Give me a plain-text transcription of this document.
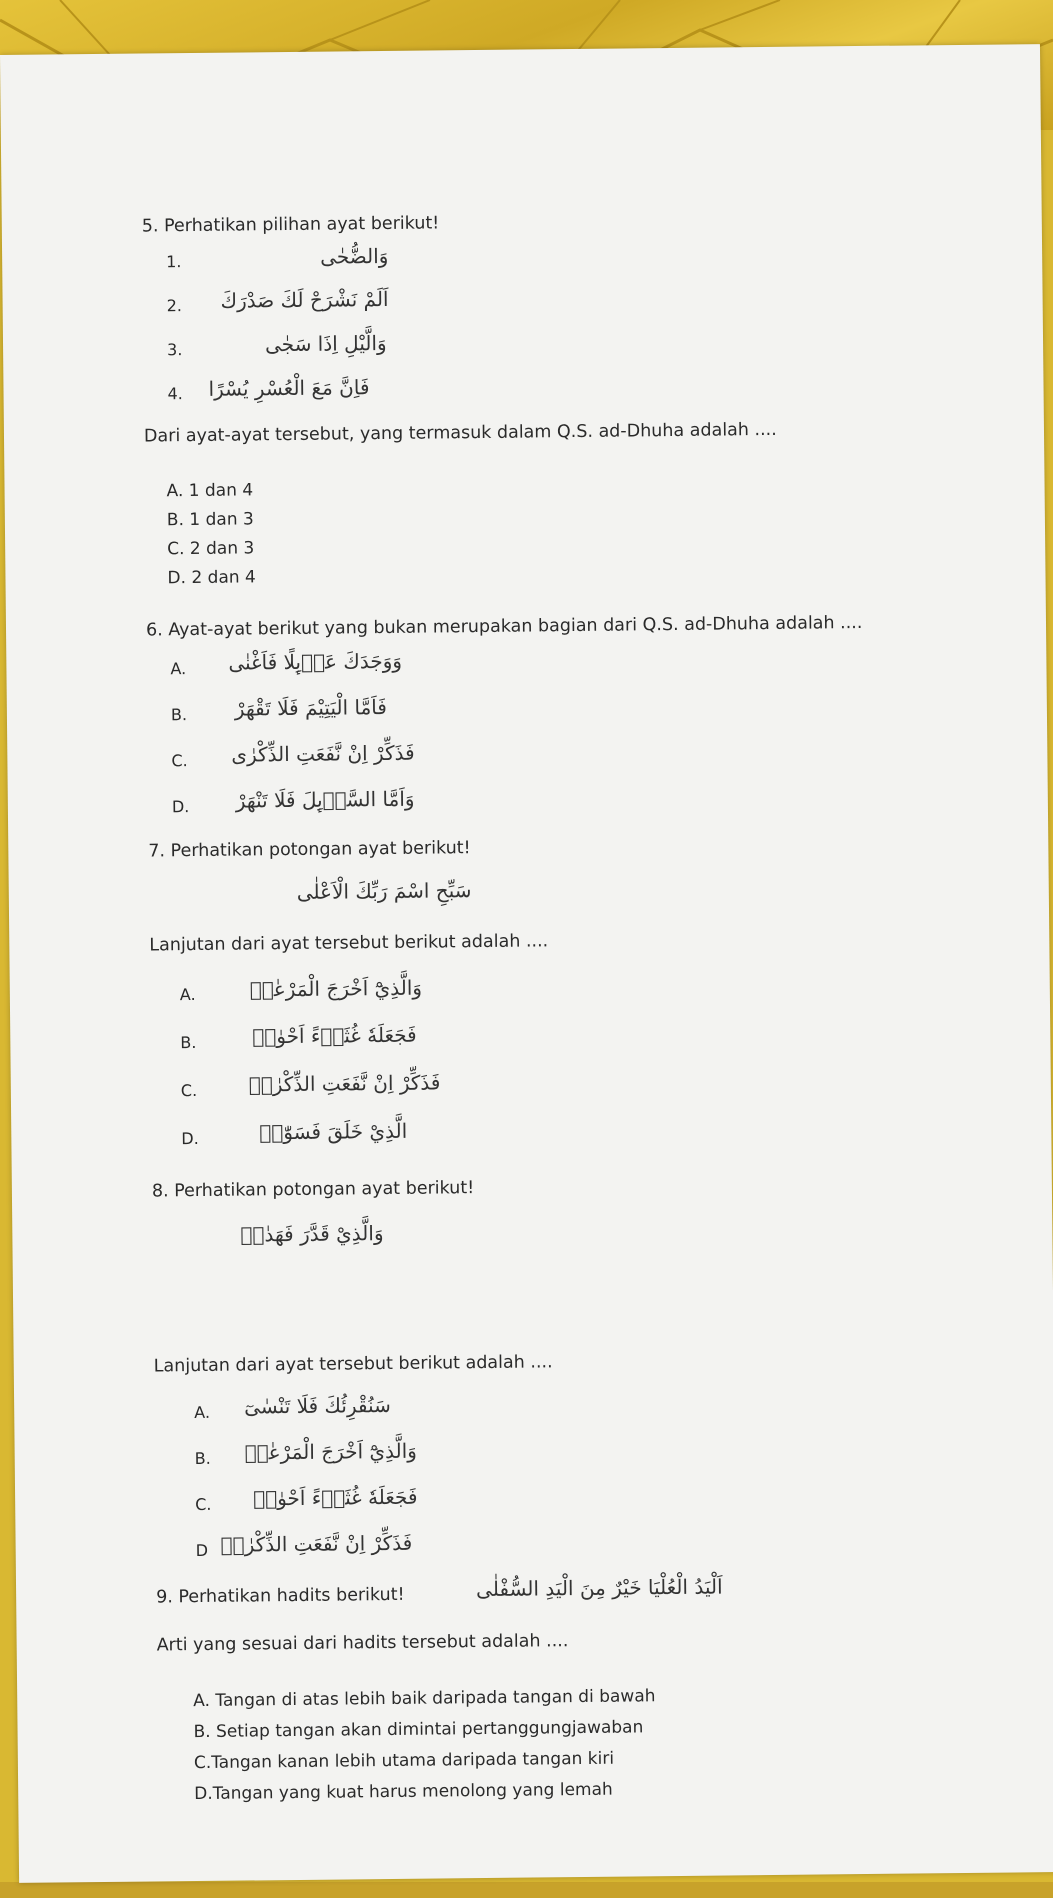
5. Perhatikan pilihan ayat berikut!
1.	وَالضُّحٰى
2. اَلَمْ نَشْرَحْ لَكَ صَدْرَكَ
3.	وَالَّيْلِ اِذَا سَجٰى
4. فَاِنَّ مَعَ الْعُسْرِ يُسْرًا
Dari ayat-ayat tersebut, yang termasuk dalam Q.S. ad-Dhuha adalah ....
A. 1 dan 4
B. 1 dan 3
C. 2 dan 3
D. 2 dan 4
6. Ayat-ayat berikut yang bukan merupakan bagian dari Q.S. ad-Dhuha adalah ....
A. وَوَجَدَكَ عَاۤىِٕلًا فَاَغْنٰى
B. فَاَمَّا الْيَتِيْمَ فَلَا تَقْهَرْ
C. فَذَكِّرْ اِنْ نَّفَعَتِ الذِّكْرٰى
D. وَاَمَّا السَّاۤىِٕلَ فَلَا تَنْهَرْ
7. Perhatikan potongan ayat berikut!
سَبِّحِ اسْمَ رَبِّكَ الْاَعْلٰى
Lanjutan dari ayat tersebut berikut adalah ....
A.	وَالَّذِيْٓ اَخْرَجَ الْمَرْعٰىۖ
B.	فَجَعَلَهٗ غُثَاۤءً اَحْوٰىۗ
C.	فَذَكِّرْ اِنْ نَّفَعَتِ الذِّكْرٰىۗ
D.	الَّذِيْ خَلَقَ فَسَوّٰىۖ
8. Perhatikan potongan ayat berikut!
وَالَّذِيْ قَدَّرَ فَهَدٰىۖ
Lanjutan dari ayat tersebut berikut adalah ....
A. سَنُقْرِئُكَ فَلَا تَنْسٰىٓ
B. وَالَّذِيْٓ اَخْرَجَ الْمَرْعٰىۖ
C. فَجَعَلَهٗ غُثَاۤءً اَحْوٰىۗ
D فَذَكِّرْ اِنْ نَّفَعَتِ الذِّكْرٰىۗ
9. Perhatikan hadits berikut!	اَلْيَدُ الْعُلْيَا خَيْرٌ مِنَ الْيَدِ السُّفْلٰى
Arti yang sesuai dari hadits tersebut adalah ....
A. Tangan di atas lebih baik daripada tangan di bawah
B. Setiap tangan akan dimintai pertanggungjawaban
C.Tangan kanan lebih utama daripada tangan kiri
D.Tangan yang kuat harus menolong yang lemah
